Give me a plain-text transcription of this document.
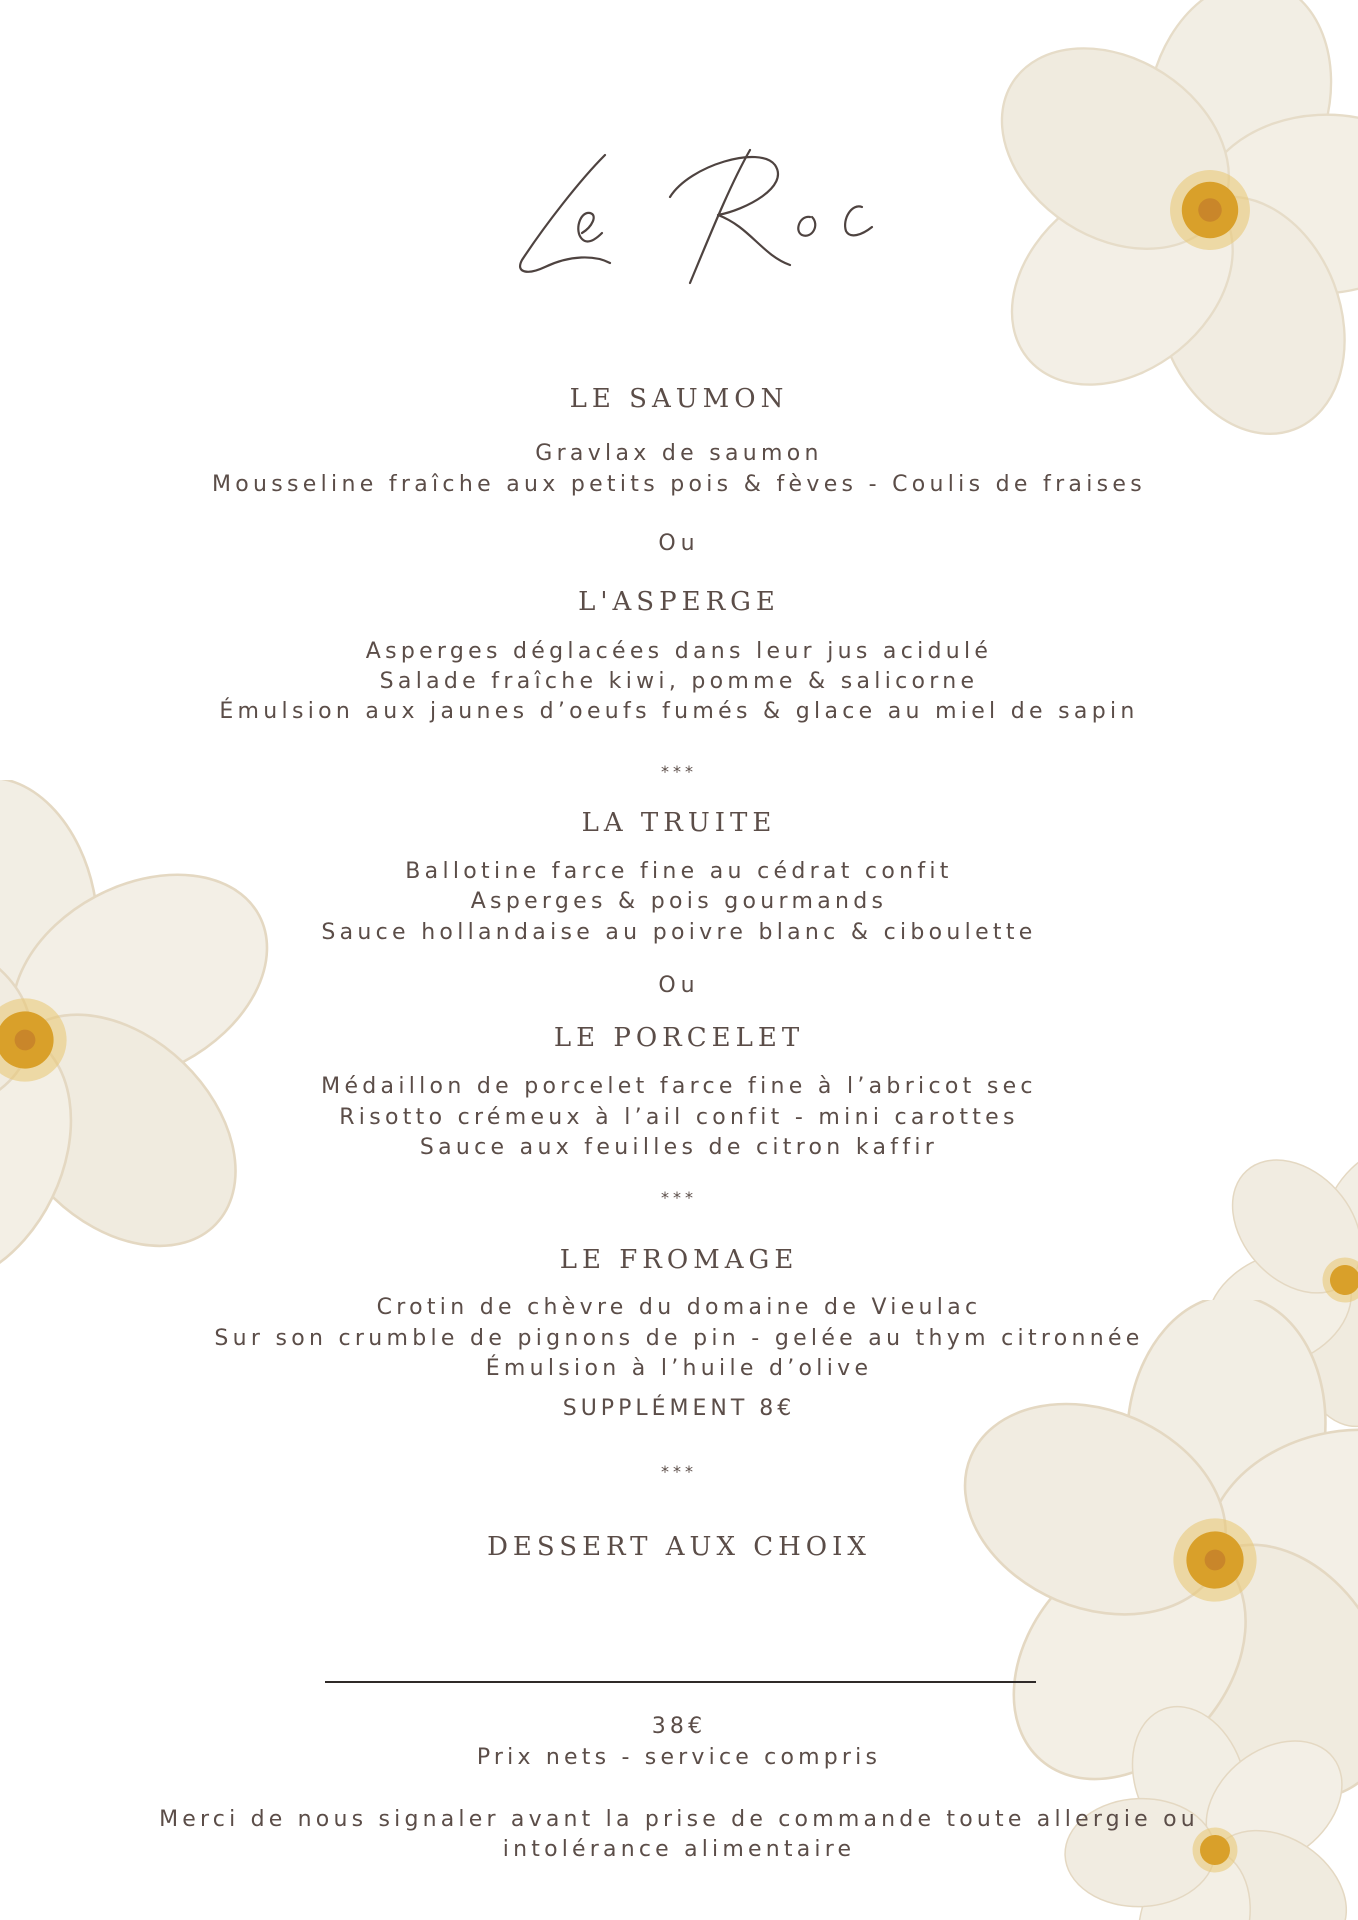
LE SAUMON
Gravlax de saumon
Mousseline fraîche aux petits pois & fèves - Coulis de fraises
Ou
L'ASPERGE
Asperges déglacées dans leur jus acidulé
Salade fraîche kiwi, pomme & salicorne
Émulsion aux jaunes d’oeufs fumés & glace au miel de sapin
***
LA TRUITE
Ballotine farce fine au cédrat confit
Asperges & pois gourmands
Sauce hollandaise au poivre blanc & ciboulette
Ou
LE PORCELET
Médaillon de porcelet farce fine à l’abricot sec
Risotto crémeux à l’ail confit - mini carottes
Sauce aux feuilles de citron kaffir
***
LE FROMAGE
Crotin de chèvre du domaine de Vieulac
Sur son crumble de pignons de pin - gelée au thym citronnée
Émulsion à l’huile d’olive
SUPPLÉMENT 8€
***
DESSERT AUX CHOIX
38€
Prix nets - service compris
Merci de nous signaler avant la prise de commande toute allergie ou
intolérance alimentaire
